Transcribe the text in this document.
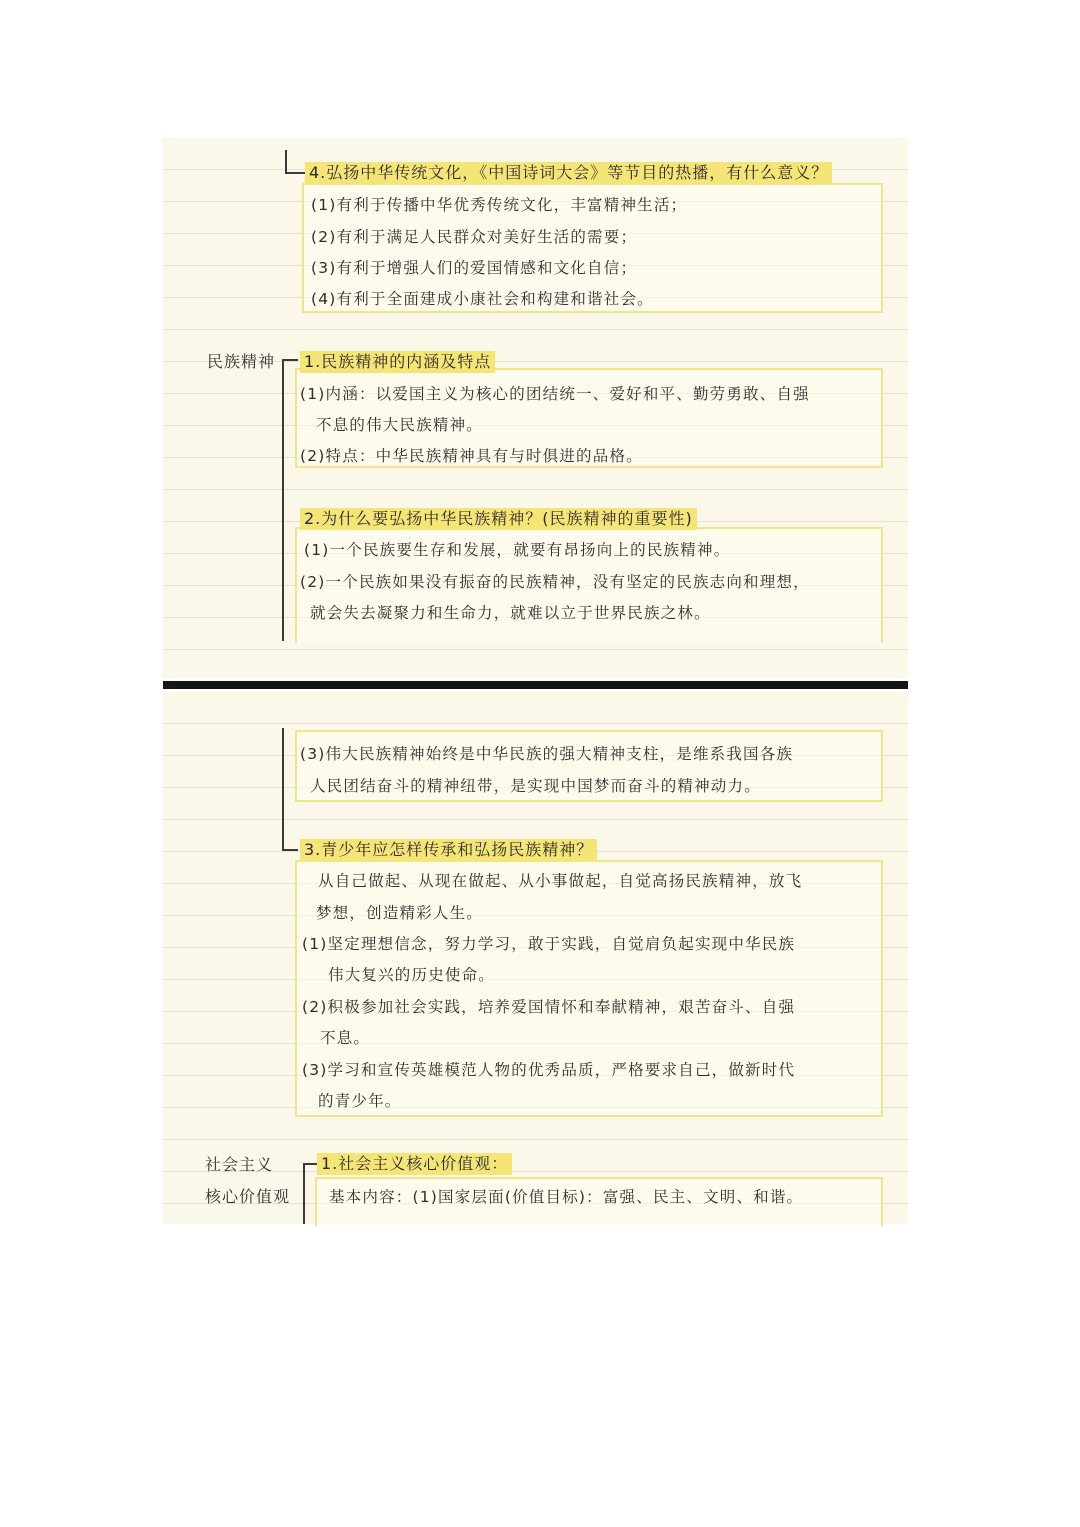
4.弘扬中华传统文化，《中国诗词大会》等节目的热播，有什么意义？
(1)有利于传播中华优秀传统文化，丰富精神生活；
(2)有利于满足人民群众对美好生活的需要；
(3)有利于增强人们的爱国情感和文化自信；
(4)有利于全面建成小康社会和构建和谐社会。
民族精神 1.民族精神的内涵及特点
(1)内涵：以爱国主义为核心的团结统一、爱好和平、勤劳勇敢、自强
不息的伟大民族精神。
(2)特点：中华民族精神具有与时俱进的品格。
2.为什么要弘扬中华民族精神？(民族精神的重要性)
(1)一个民族要生存和发展，就要有昂扬向上的民族精神。
(2)一个民族如果没有振奋的民族精神，没有坚定的民族志向和理想，
就会失去凝聚力和生命力，就难以立于世界民族之林。
(3)伟大民族精神始终是中华民族的强大精神支柱，是维系我国各族
人民团结奋斗的精神纽带，是实现中国梦而奋斗的精神动力。
3.青少年应怎样传承和弘扬民族精神？
从自己做起、从现在做起、从小事做起，自觉高扬民族精神，放飞
梦想，创造精彩人生。
(1)坚定理想信念，努力学习，敢于实践，自觉肩负起实现中华民族
伟大复兴的历史使命。
(2)积极参加社会实践，培养爱国情怀和奉献精神，艰苦奋斗、自强
不息。
(3)学习和宣传英雄模范人物的优秀品质，严格要求自己，做新时代
的青少年。
社会主义
核心价值观
1.社会主义核心价值观：
基本内容：(1)国家层面(价值目标)：富强、民主、文明、和谐。
